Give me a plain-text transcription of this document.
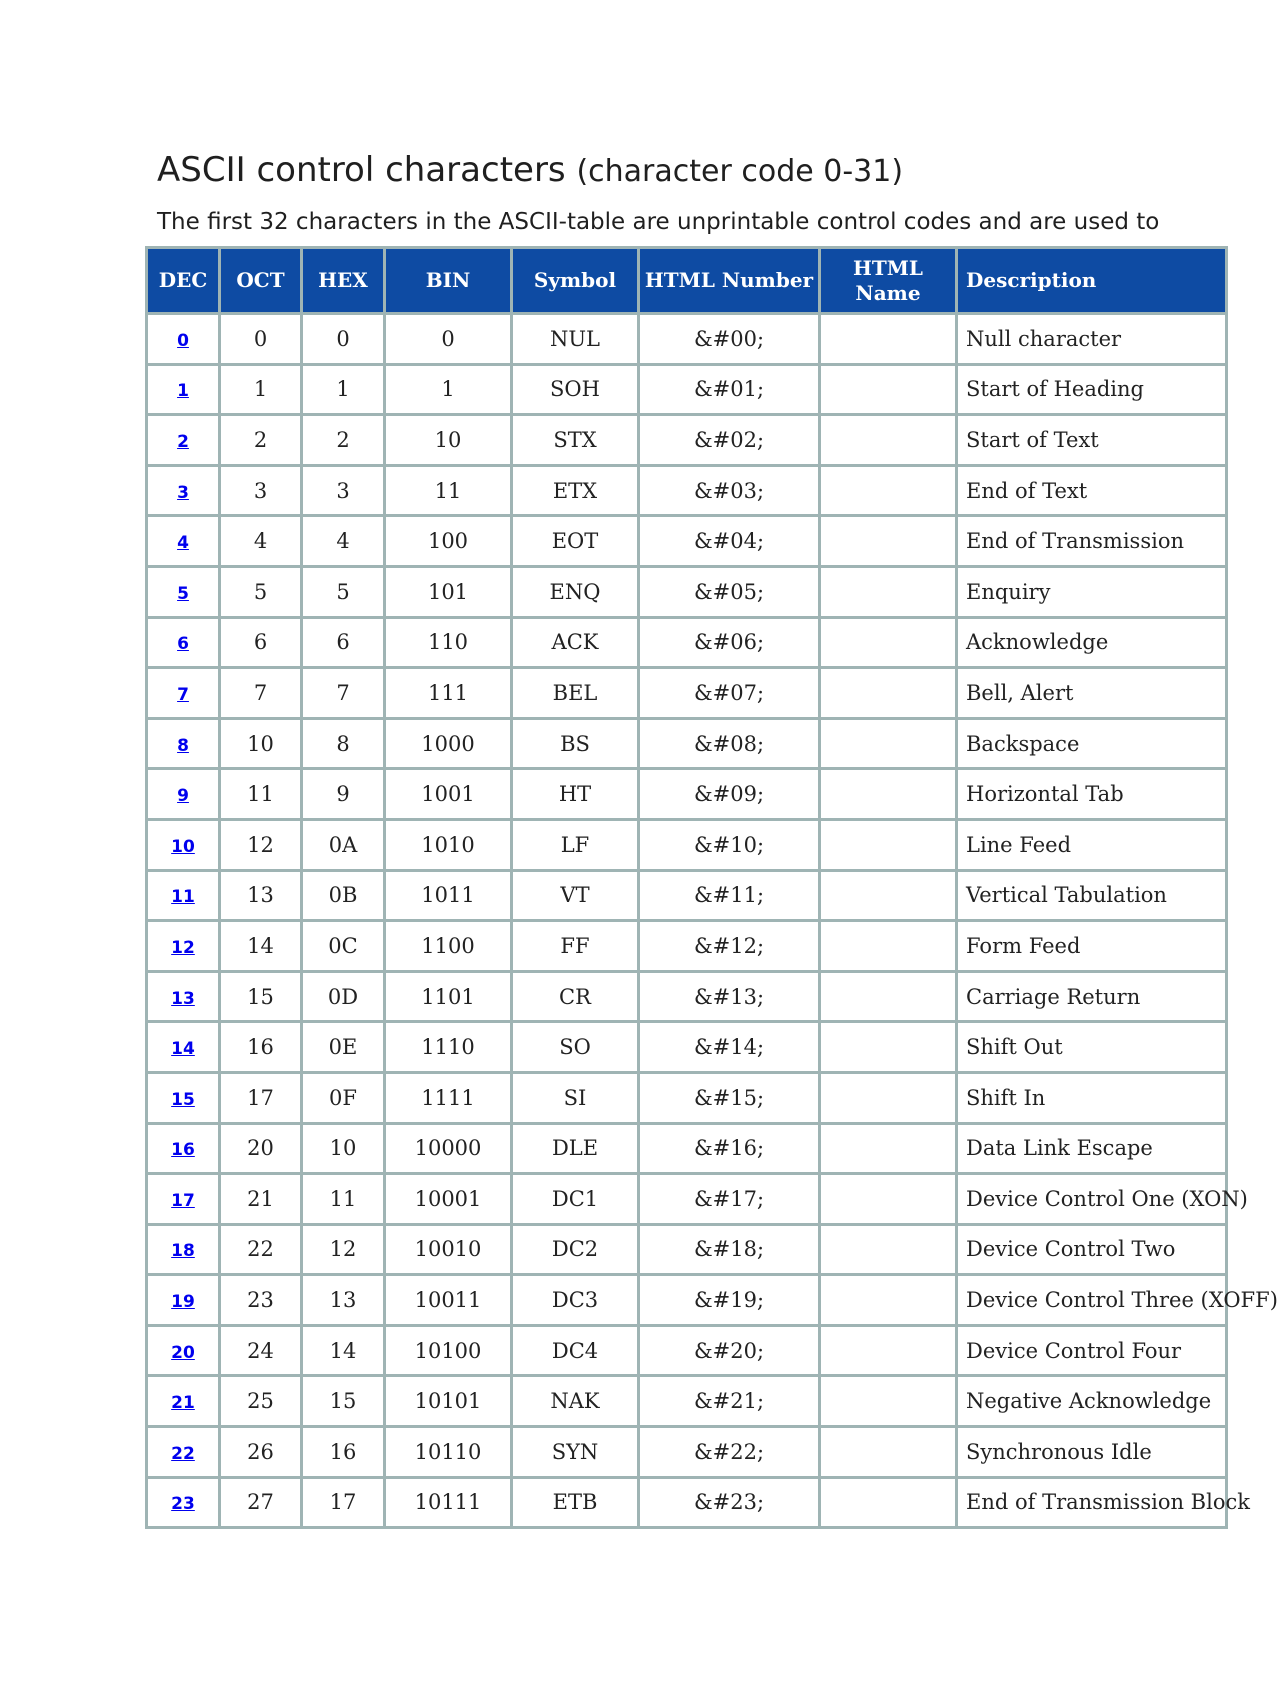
ASCII control characters (character code 0-31)

The first 32 characters in the ASCII-table are unprintable control codes and are used to

DEC	OCT	HEX	BIN	Symbol	HTML Number	HTML Name	Description
0	0	0	0	NUL	&#00;		Null character
1	1	1	1	SOH	&#01;		Start of Heading
2	2	2	10	STX	&#02;		Start of Text
3	3	3	11	ETX	&#03;		End of Text
4	4	4	100	EOT	&#04;		End of Transmission
5	5	5	101	ENQ	&#05;		Enquiry
6	6	6	110	ACK	&#06;		Acknowledge
7	7	7	111	BEL	&#07;		Bell, Alert
8	10	8	1000	BS	&#08;		Backspace
9	11	9	1001	HT	&#09;		Horizontal Tab
10	12	0A	1010	LF	&#10;		Line Feed
11	13	0B	1011	VT	&#11;		Vertical Tabulation
12	14	0C	1100	FF	&#12;		Form Feed
13	15	0D	1101	CR	&#13;		Carriage Return
14	16	0E	1110	SO	&#14;		Shift Out
15	17	0F	1111	SI	&#15;		Shift In
16	20	10	10000	DLE	&#16;		Data Link Escape
17	21	11	10001	DC1	&#17;		Device Control One (XON)
18	22	12	10010	DC2	&#18;		Device Control Two
19	23	13	10011	DC3	&#19;		Device Control Three (XOFF)
20	24	14	10100	DC4	&#20;		Device Control Four
21	25	15	10101	NAK	&#21;		Negative Acknowledge
22	26	16	10110	SYN	&#22;		Synchronous Idle
23	27	17	10111	ETB	&#23;		End of Transmission Block
